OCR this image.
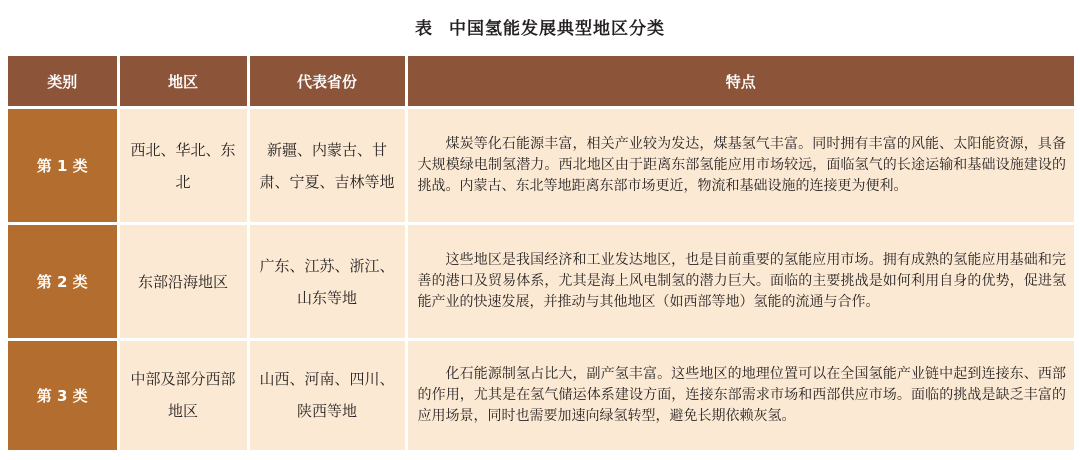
表 中国氢能发展典型地区分类
类别	地区	代表省份	特点
第 1 类	西北、华北、东北	新疆、内蒙古、甘肃、宁夏、吉林等地	煤炭等化石能源丰富，相关产业较为发达，煤基氢气丰富。同时拥有丰富的风能、太阳能资源，具备大规模绿电制氢潜力。西北地区由于距离东部氢能应用市场较远，面临氢气的长途运输和基础设施建设的挑战。内蒙古、东北等地距离东部市场更近，物流和基础设施的连接更为便利。

第 2 类	东部沿海地区	广东、江苏、浙江、山东等地	这些地区是我国经济和工业发达地区，也是目前重要的氢能应用市场。拥有成熟的氢能应用基础和完善的港口及贸易体系，尤其是海上风电制氢的潜力巨大。面临的主要挑战是如何利用自身的优势，促进氢能产业的快速发展，并推动与其他地区（如西部等地）氢能的流通与合作。

第 3 类	中部及部分西部地区	山西、河南、四川、陕西等地	化石能源制氢占比大，副产氢丰富。这些地区的地理位置可以在全国氢能产业链中起到连接东、西部的作用，尤其是在氢气储运体系建设方面，连接东部需求市场和西部供应市场。面临的挑战是缺乏丰富的应用场景，同时也需要加速向绿氢转型，避免长期依赖灰氢。
